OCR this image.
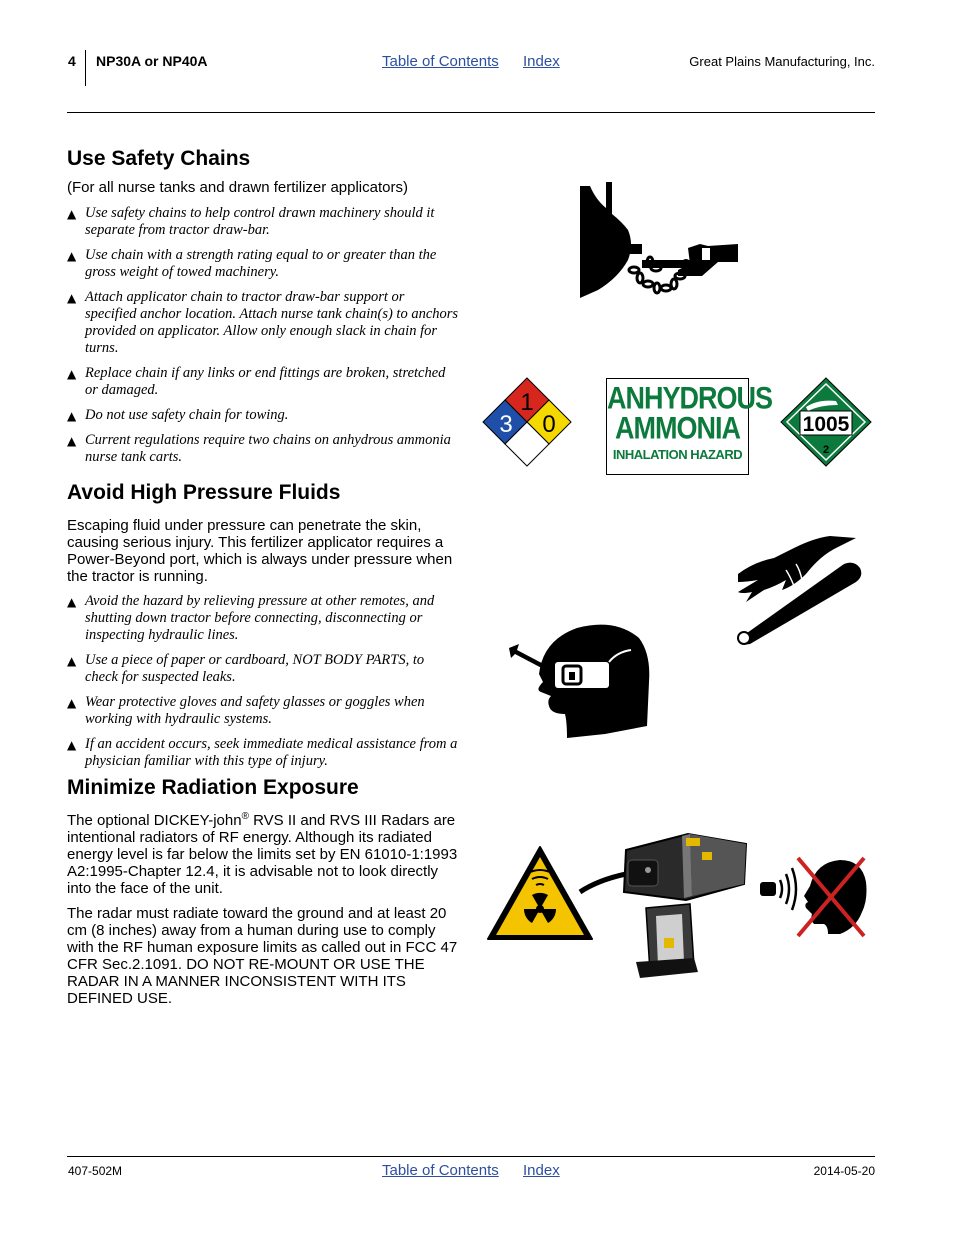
4 NP30A or NP40A	Table of Contents Index	Great Plains Manufacturing, Inc.
Use Safety Chains

(For all nurse tanks and drawn fertilizer applicators)

▲ Use safety chains to help control drawn machinery should it separate from tractor draw-bar.
▲ Use chain with a strength rating equal to or greater than the gross weight of towed machinery.
▲ Attach applicator chain to tractor draw-bar support or specified anchor location. Attach nurse tank chain(s) to anchors provided on applicator. Allow only enough slack in chain for turns.
▲ Replace chain if any links or end fittings are broken, stretched or damaged.
▲ Do not use safety chain for towing.
▲ Current regulations require two chains on anhydrous ammonia nurse tank carts.
Avoid High Pressure Fluids

Escaping fluid under pressure can penetrate the skin, causing serious injury. This fertilizer applicator requires a Power-Beyond port, which is always under pressure when the tractor is running.

▲ Avoid the hazard by relieving pressure at other remotes, and shutting down tractor before connecting, disconnecting or inspecting hydraulic lines.
▲ Use a piece of paper or cardboard, NOT BODY PARTS, to check for suspected leaks.
▲ Wear protective gloves and safety glasses or goggles when working with hydraulic systems.
▲ If an accident occurs, seek immediate medical assistance from a physician familiar with this type of injury.
Minimize Radiation Exposure

The optional DICKEY-john® RVS II and RVS III Radars are intentional radiators of RF energy. Although its radiated energy level is far below the limits set by EN 61010-1:1993 A2:1995-Chapter 12.4, it is advisable not to look directly into the face of the unit.

The radar must radiate toward the ground and at least 20 cm (8 inches) away from a human during use to comply with the RF human exposure limits as called out in FCC 47 CFR Sec.2.1091. DO NOT RE-MOUNT OR USE THE RADAR IN A MANNER INCONSISTENT WITH ITS DEFINED USE.

1
3 0
ANHYDROUS
AMMONIA
INHALATION HAZARD
1005
2
407-502M	Table of Contents Index	2014-05-20
